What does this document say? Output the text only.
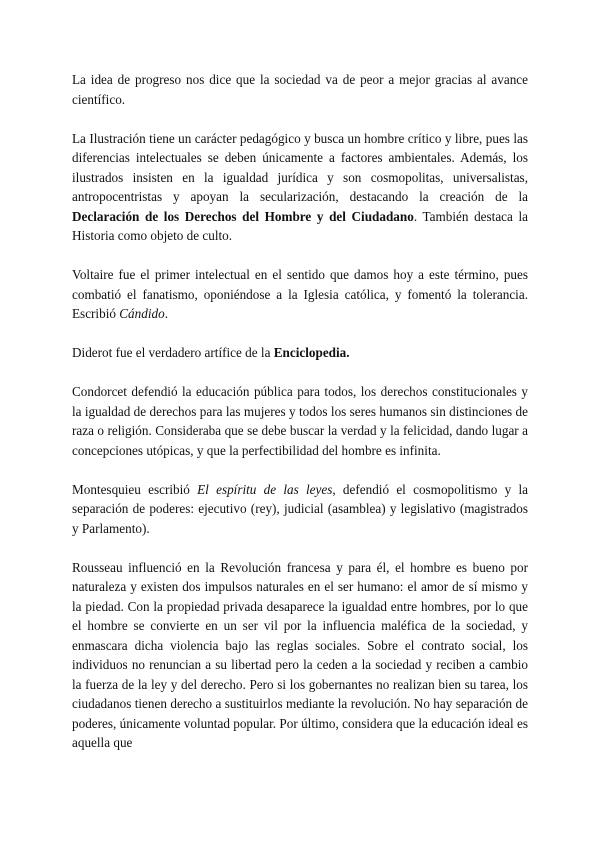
La idea de progreso nos dice que la sociedad va de peor a mejor gracias al avance científico.

La Ilustración tiene un carácter pedagógico y busca un hombre crítico y libre, pues las diferencias intelectuales se deben únicamente a factores ambientales. Además, los ilustrados insisten en la igualdad jurídica y son cosmopolitas, universalistas, antropocentristas y apoyan la secularización, destacando la creación de la Declaración de los Derechos del Hombre y del Ciudadano. También destaca la Historia como objeto de culto.

Voltaire fue el primer intelectual en el sentido que damos hoy a este término, pues combatió el fanatismo, oponiéndose a la Iglesia católica, y fomentó la tolerancia. Escribió Cándido.

Diderot fue el verdadero artífice de la Enciclopedia.

Condorcet defendió la educación pública para todos, los derechos constitucionales y la igualdad de derechos para las mujeres y todos los seres humanos sin distinciones de raza o religión. Consideraba que se debe buscar la verdad y la felicidad, dando lugar a concepciones utópicas, y que la perfectibilidad del hombre es infinita.

Montesquieu escribió El espíritu de las leyes, defendió el cosmopolitismo y la separación de poderes: ejecutivo (rey), judicial (asamblea) y legislativo (magistrados y Parlamento).

Rousseau influenció en la Revolución francesa y para él, el hombre es bueno por naturaleza y existen dos impulsos naturales en el ser humano: el amor de sí mismo y la piedad. Con la propiedad privada desaparece la igualdad entre hombres, por lo que el hombre se convierte en un ser vil por la influencia maléfica de la sociedad, y enmascara dicha violencia bajo las reglas sociales. Sobre el contrato social, los individuos no renuncian a su libertad pero la ceden a la sociedad y reciben a cambio la fuerza de la ley y del derecho. Pero si los gobernantes no realizan bien su tarea, los ciudadanos tienen derecho a sustituirlos mediante la revolución. No hay separación de poderes, únicamente voluntad popular. Por último, considera que la educación ideal es aquella que
